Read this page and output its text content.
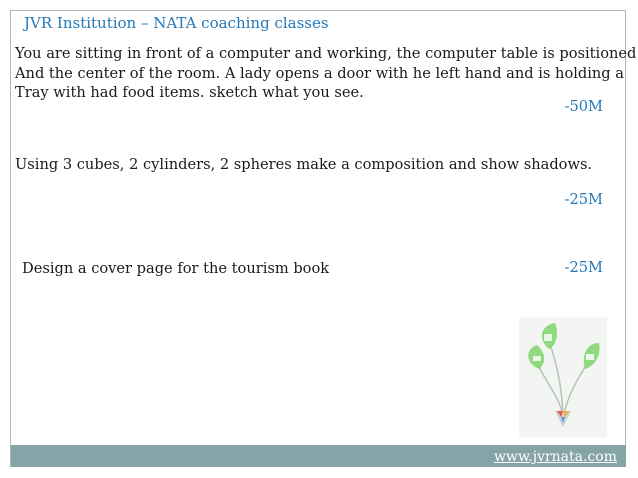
JVR Institution – NATA coaching classes
You are sitting in front of a computer and working, the computer table is positioned
And the center of the room. A lady opens a door with he left hand and is holding a
Tray with had food items. sketch what you see.
-50M
Using 3 cubes, 2 cylinders, 2 spheres make a composition and show shadows.
-25M
Design a cover page for the tourism book	-25M
www.jvrnata.com
